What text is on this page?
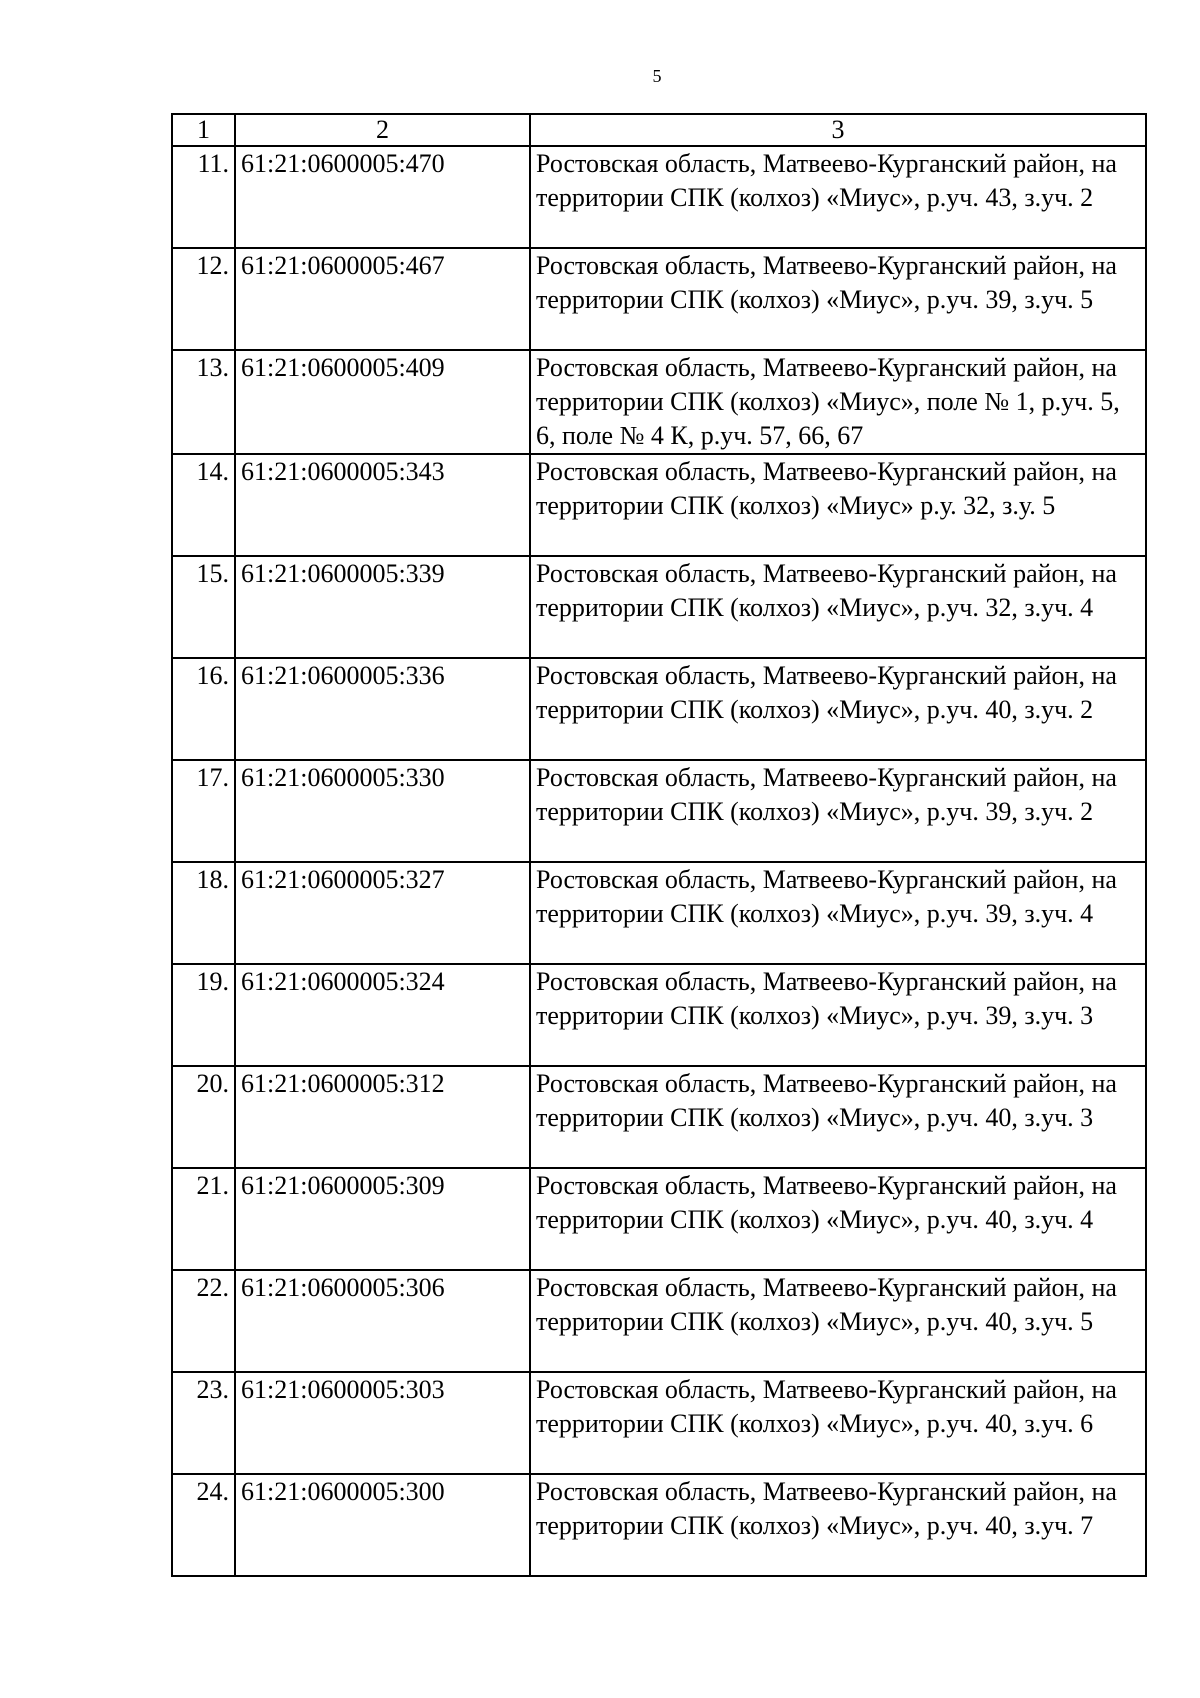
5
1	2	3
11.	61:21:0600005:470	Ростовская область, Матвеево-Курганский район, на территории СПК (колхоз) «Миус», р.уч. 43, з.уч. 2
12.	61:21:0600005:467	Ростовская область, Матвеево-Курганский район, на территории СПК (колхоз) «Миус», р.уч. 39, з.уч. 5
13.	61:21:0600005:409	Ростовская область, Матвеево-Курганский район, на территории СПК (колхоз) «Миус», поле № 1, р.уч. 5, 6, поле № 4 К, р.уч. 57, 66, 67
14.	61:21:0600005:343	Ростовская область, Матвеево-Курганский район, на территории СПК (колхоз) «Миус» р.у. 32, з.у. 5
15.	61:21:0600005:339	Ростовская область, Матвеево-Курганский район, на территории СПК (колхоз) «Миус», р.уч. 32, з.уч. 4
16.	61:21:0600005:336	Ростовская область, Матвеево-Курганский район, на территории СПК (колхоз) «Миус», р.уч. 40, з.уч. 2
17.	61:21:0600005:330	Ростовская область, Матвеево-Курганский район, на территории СПК (колхоз) «Миус», р.уч. 39, з.уч. 2
18.	61:21:0600005:327	Ростовская область, Матвеево-Курганский район, на территории СПК (колхоз) «Миус», р.уч. 39, з.уч. 4
19.	61:21:0600005:324	Ростовская область, Матвеево-Курганский район, на территории СПК (колхоз) «Миус», р.уч. 39, з.уч. 3
20.	61:21:0600005:312	Ростовская область, Матвеево-Курганский район, на территории СПК (колхоз) «Миус», р.уч. 40, з.уч. 3
21.	61:21:0600005:309	Ростовская область, Матвеево-Курганский район, на территории СПК (колхоз) «Миус», р.уч. 40, з.уч. 4
22.	61:21:0600005:306	Ростовская область, Матвеево-Курганский район, на территории СПК (колхоз) «Миус», р.уч. 40, з.уч. 5
23.	61:21:0600005:303	Ростовская область, Матвеево-Курганский район, на территории СПК (колхоз) «Миус», р.уч. 40, з.уч. 6
24.	61:21:0600005:300	Ростовская область, Матвеево-Курганский район, на территории СПК (колхоз) «Миус», р.уч. 40, з.уч. 7
